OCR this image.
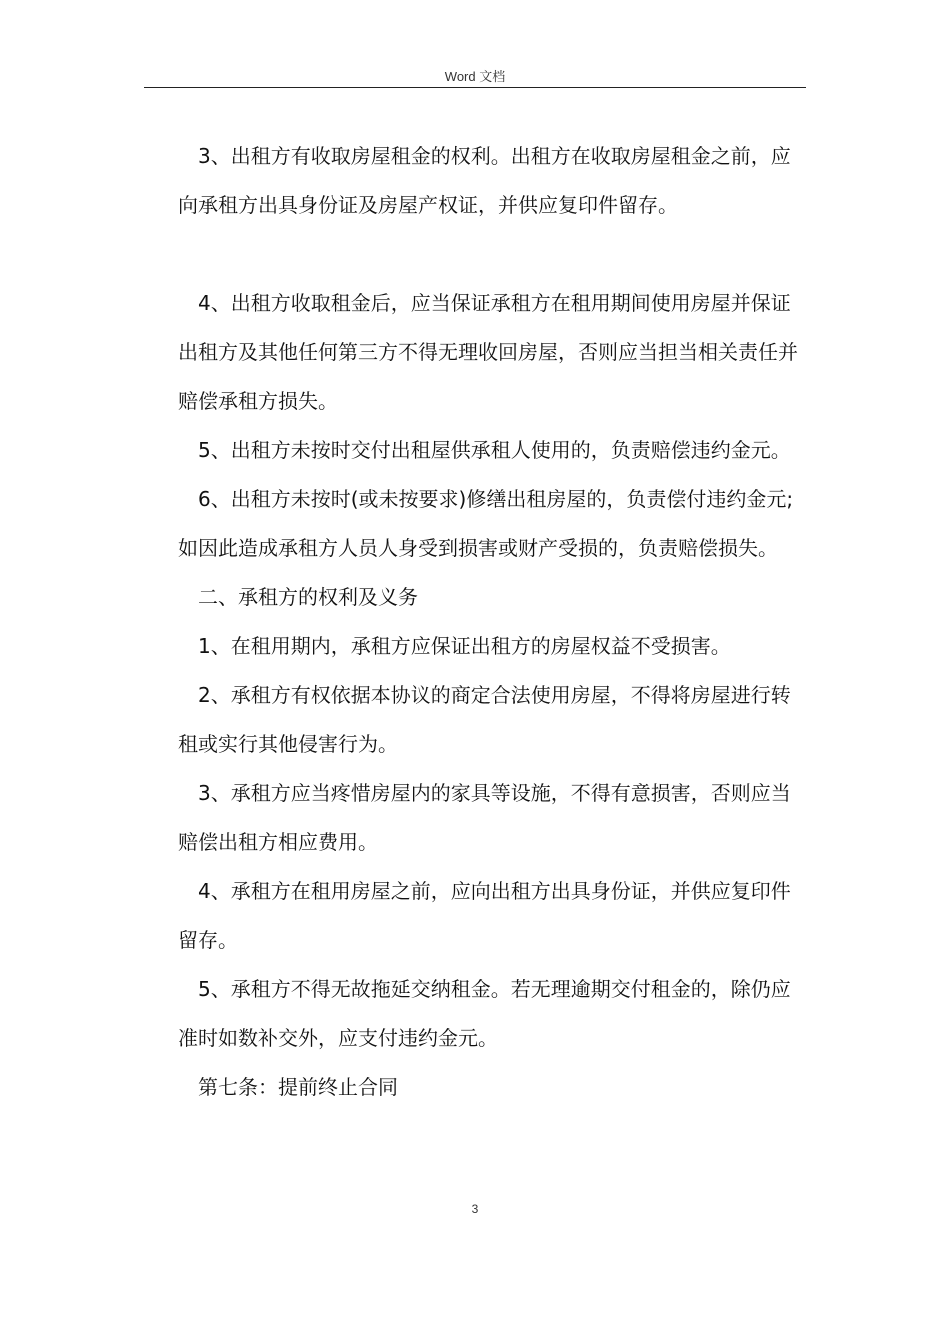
Word 文档

3、出租方有收取房屋租金的权利。出租方在收取房屋租金之前，应向承租方出具身份证及房屋产权证，并供应复印件留存。

4、出租方收取租金后，应当保证承租方在租用期间使用房屋并保证出租方及其他任何第三方不得无理收回房屋，否则应当担当相关责任并赔偿承租方损失。

5、出租方未按时交付出租屋供承租人使用的，负责赔偿违约金元。

6、出租方未按时(或未按要求)修缮出租房屋的，负责偿付违约金元;如因此造成承租方人员人身受到损害或财产受损的，负责赔偿损失。

二、承租方的权利及义务

1、在租用期内，承租方应保证出租方的房屋权益不受损害。

2、承租方有权依据本协议的商定合法使用房屋，不得将房屋进行转租或实行其他侵害行为。

3、承租方应当疼惜房屋内的家具等设施，不得有意损害，否则应当赔偿出租方相应费用。

4、承租方在租用房屋之前，应向出租方出具身份证，并供应复印件留存。

5、承租方不得无故拖延交纳租金。若无理逾期交付租金的，除仍应准时如数补交外，应支付违约金元。

第七条：提前终止合同

3
